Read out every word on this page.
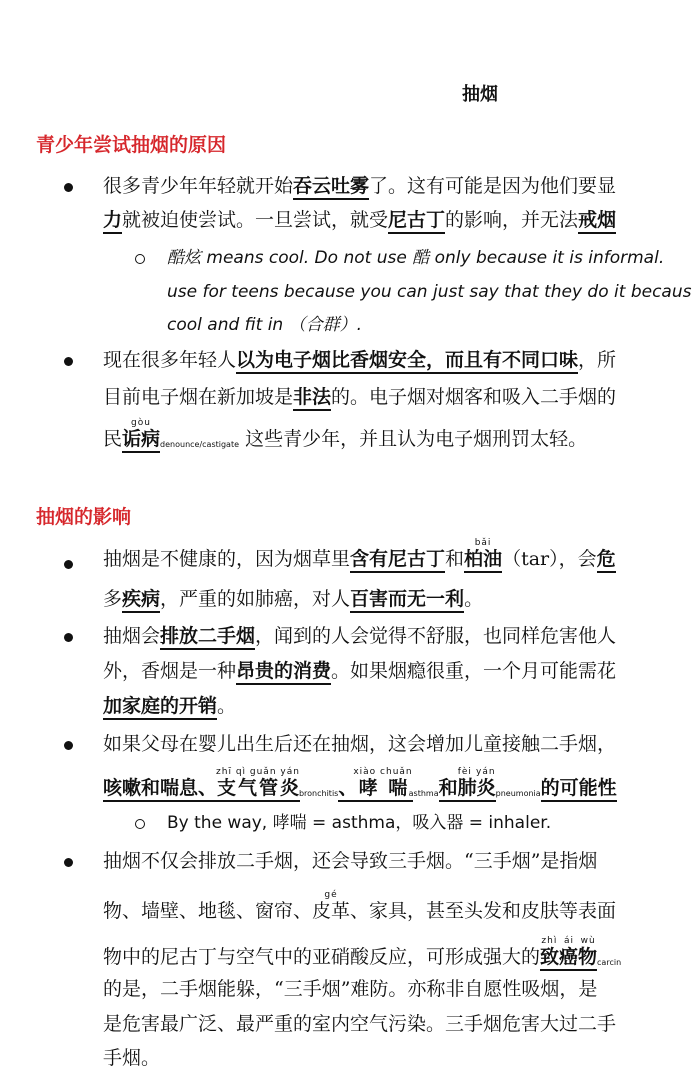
抽烟
青少年尝试抽烟的原因
很多青少年年轻就开始吞云吐雾了。这有可能是因为他们要显
力就被迫使尝试。一旦尝试，就受尼古丁的影响，并无法戒烟
酷炫 means cool. Do not use 酷 only because it is informal.
use for teens because you can just say that they do it becaus
cool and fit in （合群）.
现在很多年轻人以为电子烟比香烟安全，而且有不同口味，所
目前电子烟在新加坡是非法的。电子烟对烟客和吸入二手烟的
民诟病gòudenounce/castigate 这些青少年，并且认为电子烟刑罚太轻。
抽烟的影响
抽烟是不健康的，因为烟草里含有尼古丁和柏油bǎi（tar），会危
多疾病，严重的如肺癌，对人百害而无一利。
抽烟会排放二手烟，闻到的人会觉得不舒服，也同样危害他人
外，香烟是一种昂贵的消费。如果烟瘾很重，一个月可能需花
加家庭的开销。
如果父母在婴儿出生后还在抽烟，这会增加儿童接触二手烟，
咳嗽和喘息、支气管炎zhī qì guǎn yánbronchitis、哮喘xiào chuǎnasthma和肺炎fèi yánpneumonia的可能性
By the way, 哮喘 = asthma，吸入器 = inhaler.
抽烟不仅会排放二手烟，还会导致三手烟。“三手烟”是指烟
物、墙壁、地毯、窗帘、皮革gé、家具，甚至头发和皮肤等表面
物中的尼古丁与空气中的亚硝酸反应，可形成强大的致癌物zhì ái wùcarcin
的是，二手烟能躲，“三手烟”难防。亦称非自愿性吸烟，是
是危害最广泛、最严重的室内空气污染。三手烟危害大过二手
手烟。
